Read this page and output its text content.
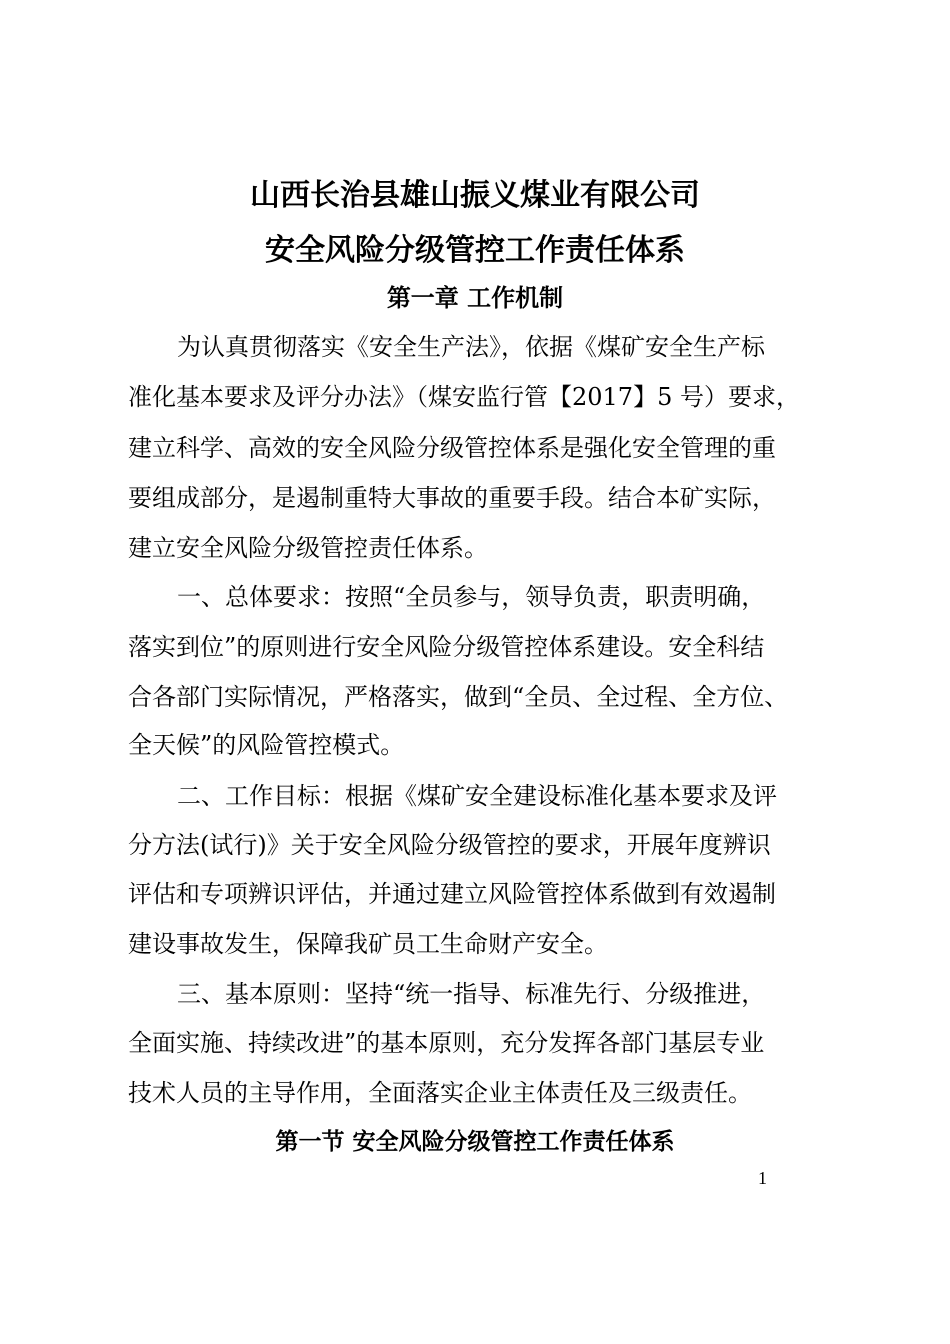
山西长治县雄山振义煤业有限公司
安全风险分级管控工作责任体系
第一章 工作机制
为认真贯彻落实《安全生产法》，依据《煤矿安全生产标
准化基本要求及评分办法》（煤安监行管【2017】5 号）要求，
建立科学、高效的安全风险分级管控体系是强化安全管理的重
要组成部分，是遏制重特大事故的重要手段。结合本矿实际，
建立安全风险分级管控责任体系。
一、总体要求：按照“全员参与，领导负责，职责明确，
落实到位”的原则进行安全风险分级管控体系建设。安全科结
合各部门实际情况，严格落实，做到“全员、全过程、全方位、
全天候”的风险管控模式。
二、工作目标：根据《煤矿安全建设标准化基本要求及评
分方法(试行)》关于安全风险分级管控的要求，开展年度辨识
评估和专项辨识评估，并通过建立风险管控体系做到有效遏制
建设事故发生，保障我矿员工生命财产安全。
三、基本原则：坚持“统一指导、标准先行、分级推进，
全面实施、持续改进”的基本原则，充分发挥各部门基层专业
技术人员的主导作用，全面落实企业主体责任及三级责任。
第一节 安全风险分级管控工作责任体系
1
